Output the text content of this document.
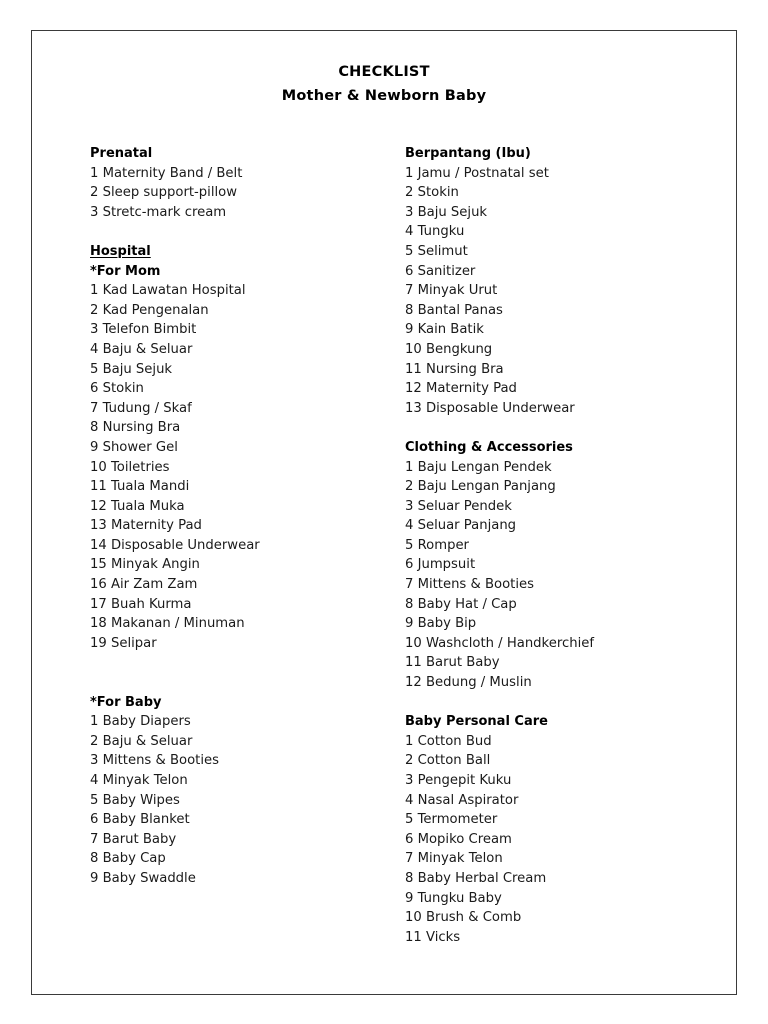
CHECKLIST
Mother & Newborn Baby
Prenatal
1 Maternity Band / Belt
2 Sleep support-pillow
3 Stretc-mark cream
Hospital
*For Mom
1 Kad Lawatan Hospital
2 Kad Pengenalan
3 Telefon Bimbit
4 Baju & Seluar
5 Baju Sejuk
6 Stokin
7 Tudung / Skaf
8 Nursing Bra
9 Shower Gel
10 Toiletries
11 Tuala Mandi
12 Tuala Muka
13 Maternity Pad
14 Disposable Underwear
15 Minyak Angin
16 Air Zam Zam
17 Buah Kurma
18 Makanan / Minuman
19 Selipar
*For Baby
1 Baby Diapers
2 Baju & Seluar
3 Mittens & Booties
4 Minyak Telon
5 Baby Wipes
6 Baby Blanket
7 Barut Baby
8 Baby Cap
9 Baby Swaddle
Berpantang (Ibu)
1 Jamu / Postnatal set
2 Stokin
3 Baju Sejuk
4 Tungku
5 Selimut
6 Sanitizer
7 Minyak Urut
8 Bantal Panas
9 Kain Batik
10 Bengkung
11 Nursing Bra
12 Maternity Pad
13 Disposable Underwear
Clothing & Accessories
1 Baju Lengan Pendek
2 Baju Lengan Panjang
3 Seluar Pendek
4 Seluar Panjang
5 Romper
6 Jumpsuit
7 Mittens & Booties
8 Baby Hat / Cap
9 Baby Bip
10 Washcloth / Handkerchief
11 Barut Baby
12 Bedung / Muslin
Baby Personal Care
1 Cotton Bud
2 Cotton Ball
3 Pengepit Kuku
4 Nasal Aspirator
5 Termometer
6 Mopiko Cream
7 Minyak Telon
8 Baby Herbal Cream
9 Tungku Baby
10 Brush & Comb
11 Vicks
